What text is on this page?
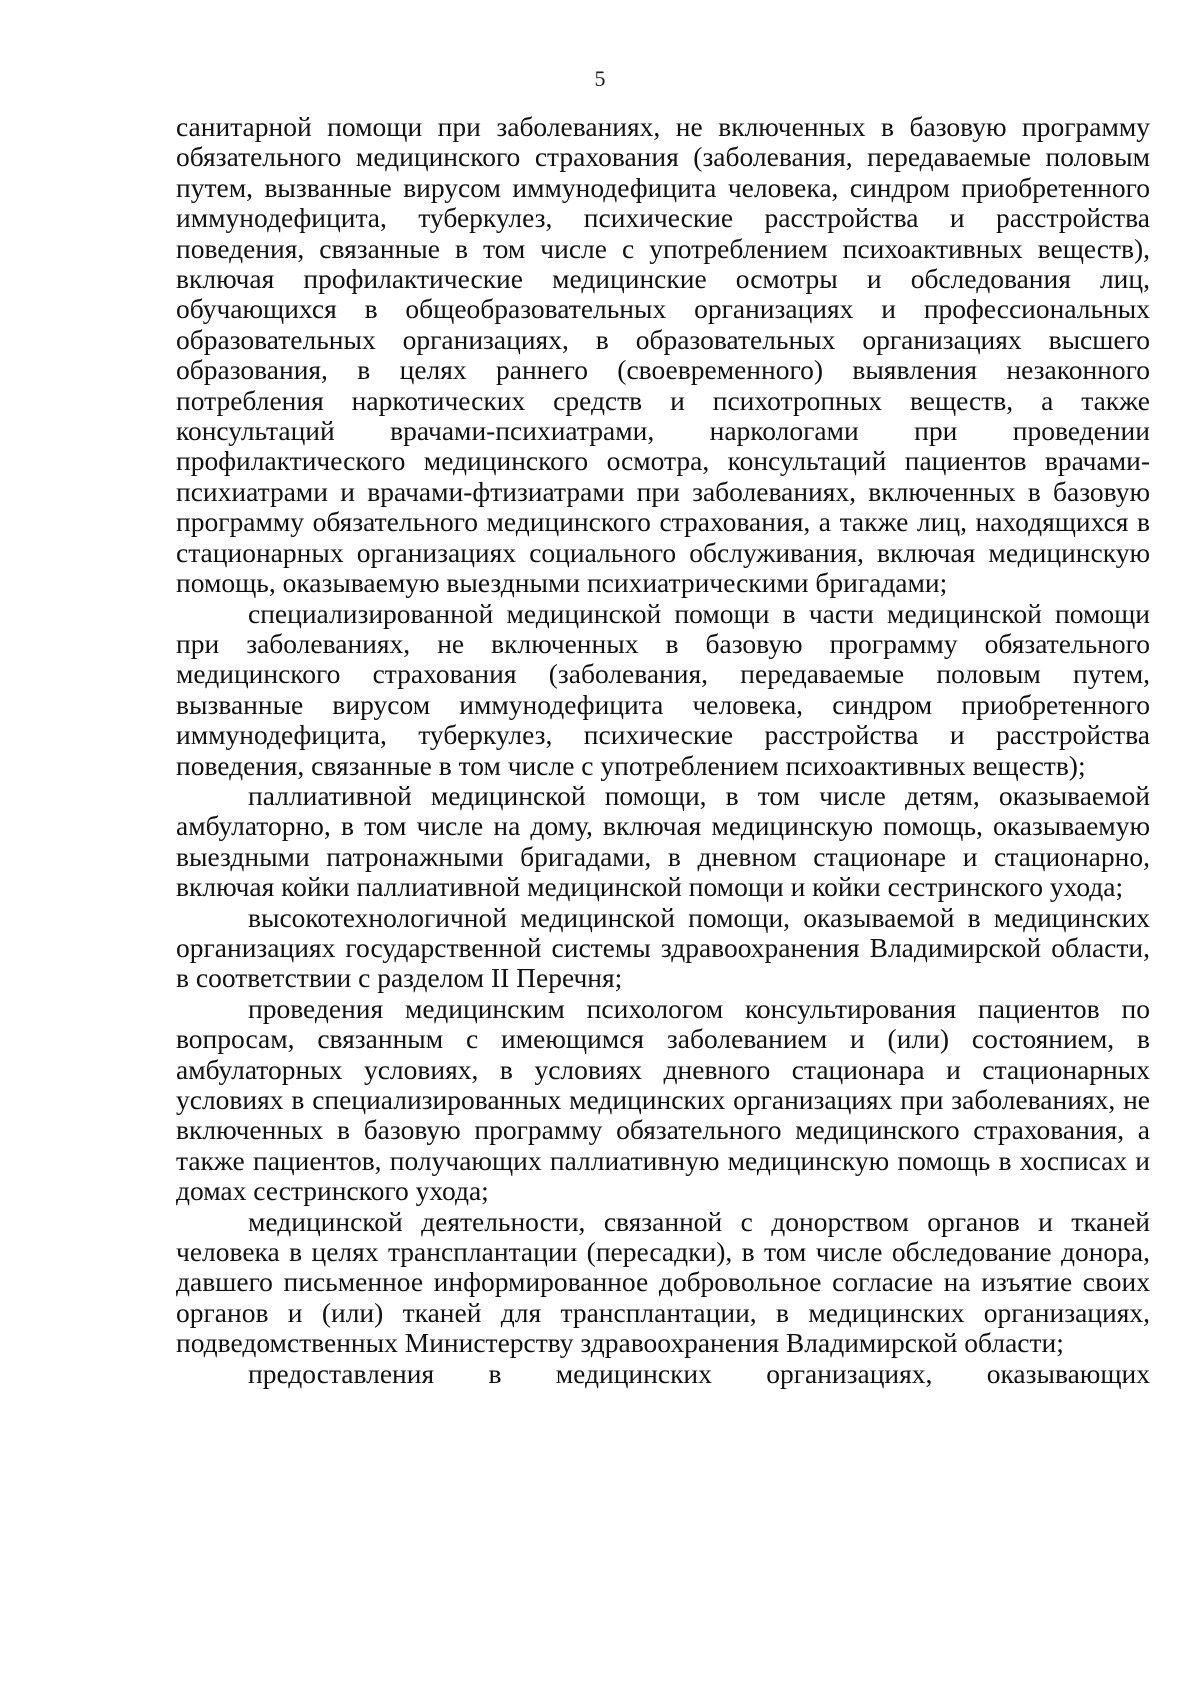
5

санитарной помощи при заболеваниях, не включенных в базовую программу обязательного медицинского страхования (заболевания, передаваемые половым путем, вызванные вирусом иммунодефицита человека, синдром приобретенного иммунодефицита, туберкулез, психические расстройства и расстройства поведения, связанные в том числе с употреблением психоактивных веществ), включая профилактические медицинские осмотры и обследования лиц, обучающихся в общеобразовательных организациях и профессиональных образовательных организациях, в образовательных организациях высшего образования, в целях раннего (своевременного) выявления незаконного потребления наркотических средств и психотропных веществ, а также консультаций врачами-психиатрами, наркологами при проведении профилактического медицинского осмотра, консультаций пациентов врачами-психиатрами и врачами-фтизиатрами при заболеваниях, включенных в базовую программу обязательного медицинского страхования, а также лиц, находящихся в стационарных организациях социального обслуживания, включая медицинскую помощь, оказываемую выездными психиатрическими бригадами;

специализированной медицинской помощи в части медицинской помощи при заболеваниях, не включенных в базовую программу обязательного медицинского страхования (заболевания, передаваемые половым путем, вызванные вирусом иммунодефицита человека, синдром приобретенного иммунодефицита, туберкулез, психические расстройства и расстройства поведения, связанные в том числе с употреблением психоактивных веществ);

паллиативной медицинской помощи, в том числе детям, оказываемой амбулаторно, в том числе на дому, включая медицинскую помощь, оказываемую выездными патронажными бригадами, в дневном стационаре и стационарно, включая койки паллиативной медицинской помощи и койки сестринского ухода;

высокотехнологичной медицинской помощи, оказываемой в медицинских организациях государственной системы здравоохранения Владимирской области, в соответствии с разделом II Перечня;

проведения медицинским психологом консультирования пациентов по вопросам, связанным с имеющимся заболеванием и (или) состоянием, в амбулаторных условиях, в условиях дневного стационара и стационарных условиях в специализированных медицинских организациях при заболеваниях, не включенных в базовую программу обязательного медицинского страхования, а также пациентов, получающих паллиативную медицинскую помощь в хосписах и домах сестринского ухода;

медицинской деятельности, связанной с донорством органов и тканей человека в целях трансплантации (пересадки), в том числе обследование донора, давшего письменное информированное добровольное согласие на изъятие своих органов и (или) тканей для трансплантации, в медицинских организациях, подведомственных Министерству здравоохранения Владимирской области;

предоставления в медицинских организациях, оказывающих
